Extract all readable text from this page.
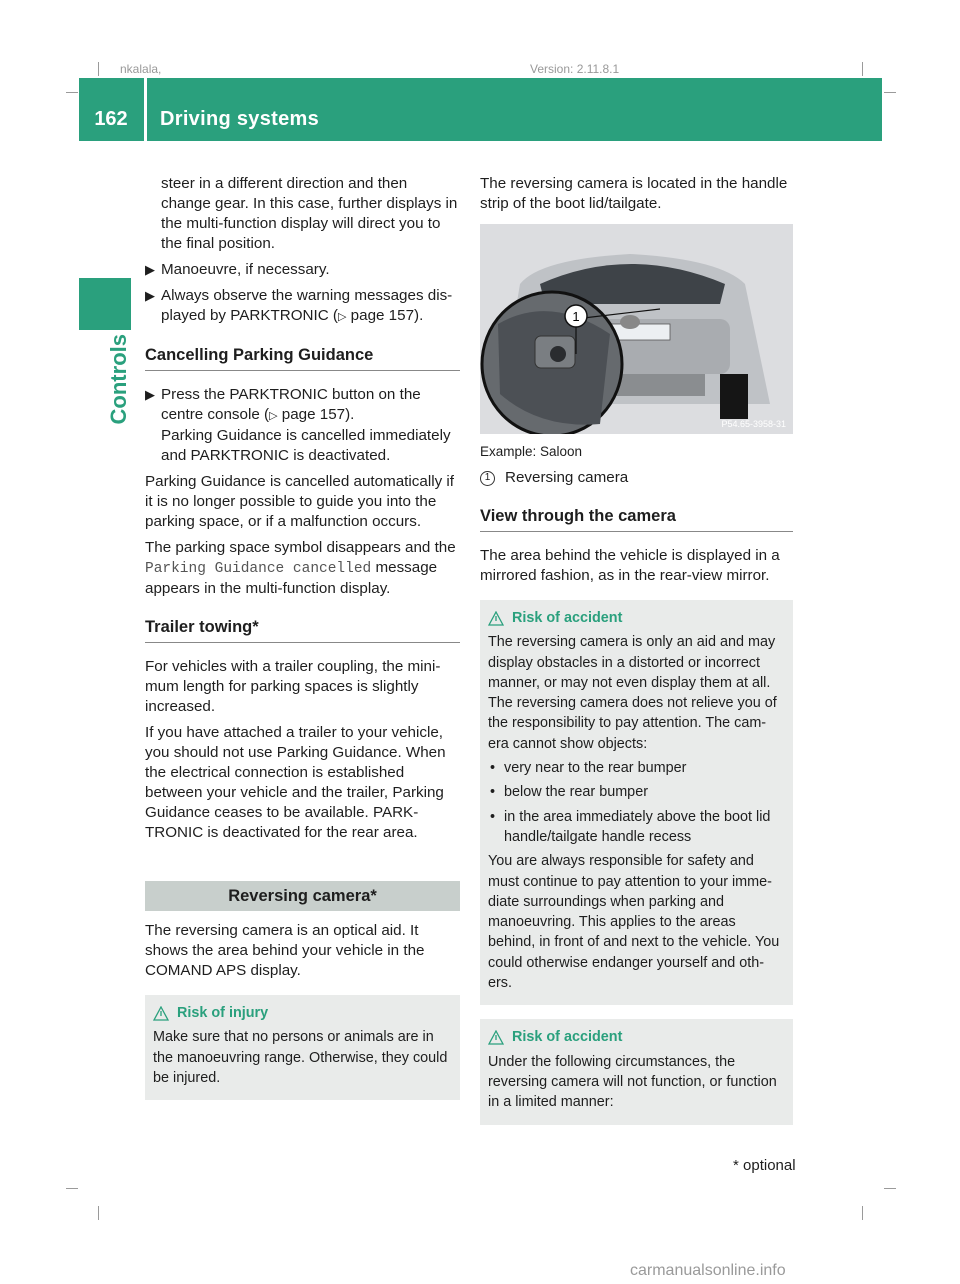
nkalala,	Version: 2.11.8.1
162	Driving systems
Controls

steer in a different direction and then change gear. In this case, further displays in the multi-function display will direct you to the final position.

▶ Manoeuvre, if necessary.
▶ Always observe the warning messages dis-played by PARKTRONIC (▷ page 157).
Cancelling Parking Guidance
▶ Press the PARKTRONIC button on the centre console (▷ page 157).
Parking Guidance is cancelled immediately and PARKTRONIC is deactivated.

Parking Guidance is cancelled automatically if it is no longer possible to guide you into the parking space, or if a malfunction occurs.

The parking space symbol disappears and the Parking Guidance cancelled message appears in the multi-function display.

Trailer towing*

For vehicles with a trailer coupling, the mini-mum length for parking spaces is slightly increased.

If you have attached a trailer to your vehicle, you should not use Parking Guidance. When the electrical connection is established between your vehicle and the trailer, Parking Guidance ceases to be available. PARK-TRONIC is deactivated for the rear area.

Reversing camera*

The reversing camera is an optical aid. It shows the area behind your vehicle in the COMAND APS display.

Risk of injury

Make sure that no persons or animals are in the manoeuvring range. Otherwise, they could be injured.

The reversing camera is located in the handle strip of the boot lid/tailgate.

1
P54.65-3958-31
Example: Saloon
1 Reversing camera
View through the camera

The area behind the vehicle is displayed in a mirrored fashion, as in the rear-view mirror.

Risk of accident

The reversing camera is only an aid and may display obstacles in a distorted or incorrect manner, or may not even display them at all. The reversing camera does not relieve you of the responsibility to pay attention. The cam-era cannot show objects:

• very near to the rear bumper
• below the rear bumper
• in the area immediately above the boot lid handle/tailgate handle recess

You are always responsible for safety and must continue to pay attention to your imme-diate surroundings when parking and manoeuvring. This applies to the areas behind, in front of and next to the vehicle. You could otherwise endanger yourself and oth-ers.

Risk of accident

Under the following circumstances, the reversing camera will not function, or function in a limited manner:

* optional
carmanualsonline.info
